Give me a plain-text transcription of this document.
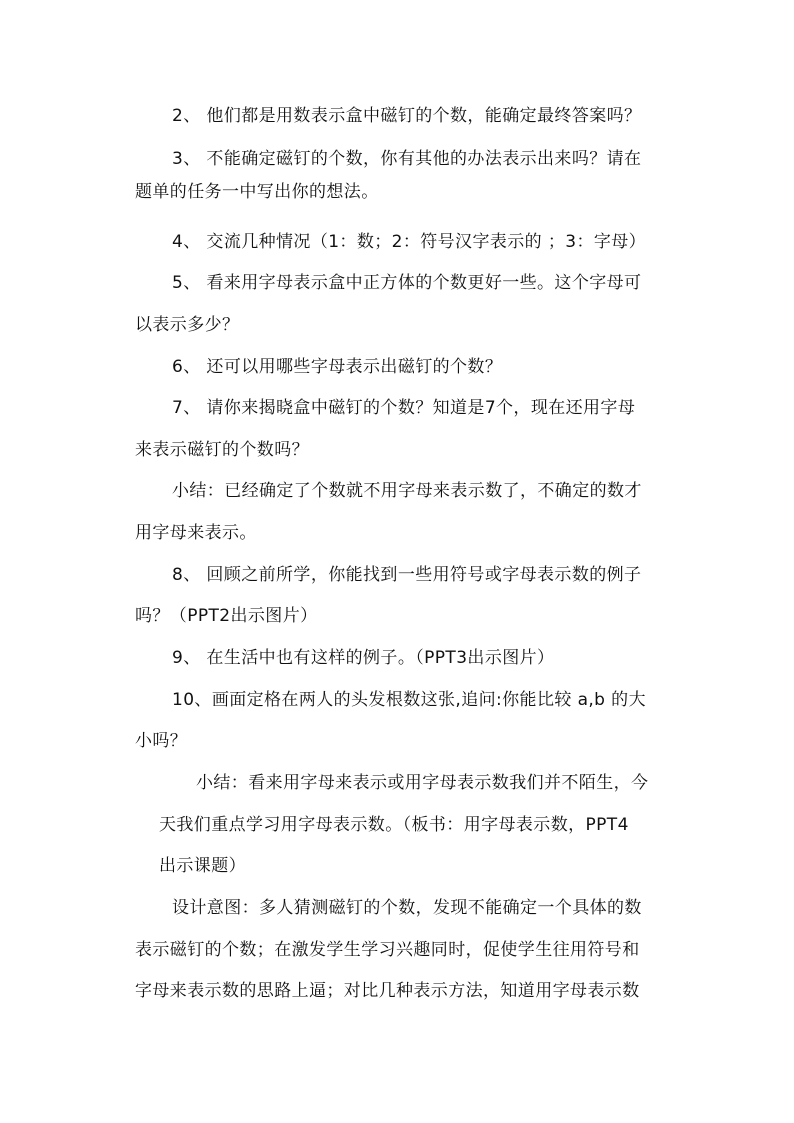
2、 他们都是用数表示盒中磁钉的个数，能确定最终答案吗？
3、 不能确定磁钉的个数，你有其他的办法表示出来吗？请在
题单的任务一中写出你的想法。
4、 交流几种情况（1：数；2：符号汉字表示的 ；3：字母）
5、 看来用字母表示盒中正方体的个数更好一些。这个字母可
以表示多少？
6、 还可以用哪些字母表示出磁钉的个数？
7、 请你来揭晓盒中磁钉的个数？知道是7个，现在还用字母
来表示磁钉的个数吗？
小结：已经确定了个数就不用字母来表示数了，不确定的数才
用字母来表示。
8、 回顾之前所学，你能找到一些用符号或字母表示数的例子
吗？（PPT2出示图片）
9、 在生活中也有这样的例子。（PPT3出示图片）
10、画面定格在两人的头发根数这张,追问:你能比较 a,b 的大
小吗？
小结：看来用字母来表示或用字母表示数我们并不陌生，今
天我们重点学习用字母表示数。（板书：用字母表示数，PPT4
出示课题）
设计意图：多人猜测磁钉的个数，发现不能确定一个具体的数
表示磁钉的个数；在激发学生学习兴趣同时，促使学生往用符号和
字母来表示数的思路上逼；对比几种表示方法，知道用字母表示数
